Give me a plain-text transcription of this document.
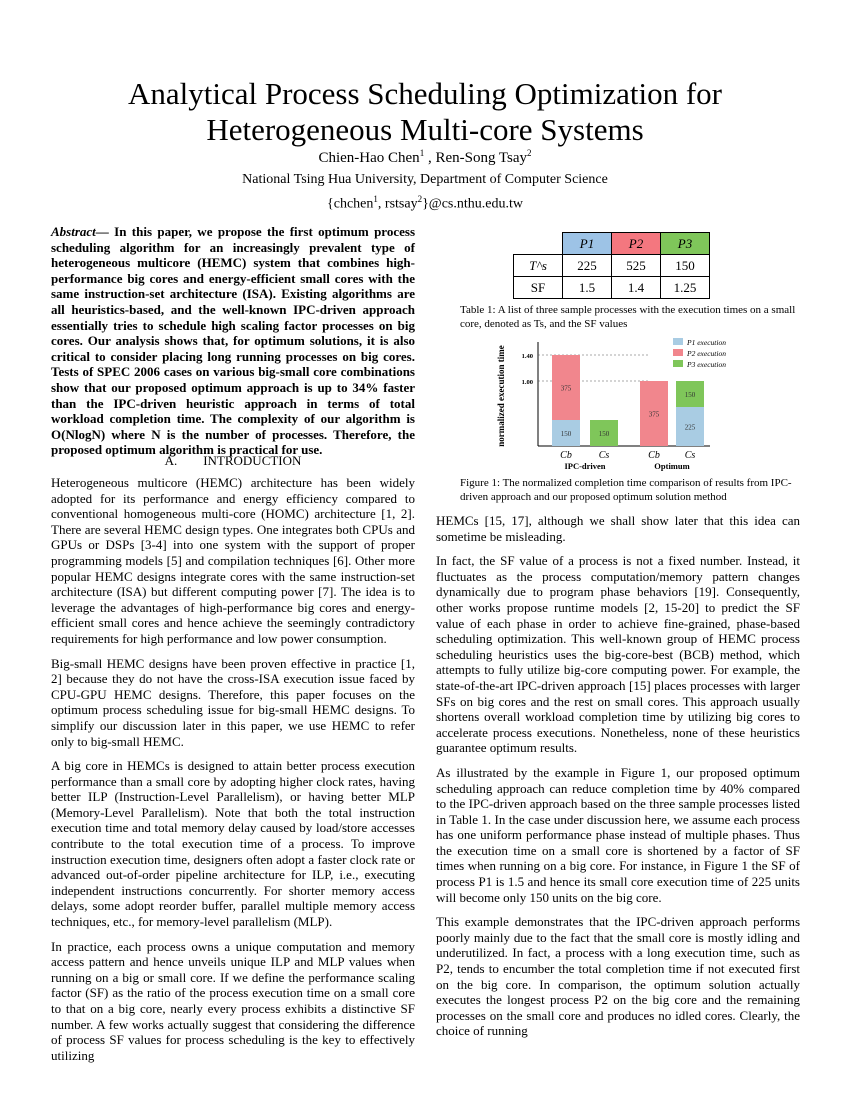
Analytical Process Scheduling Optimization for
Heterogeneous Multi-core Systems
Chien-Hao Chen$^1$ , Ren-Song Tsay$^2$
National Tsing Hua University, Department of Computer Science
{chchen$^1$, rstsay$^2$}@cs.nthu.edu.tw
Abstract— In this paper, we propose the first optimum process scheduling algorithm for an increasingly prevalent type of heterogeneous multicore (HEMC) system that combines high-performance big cores and energy-efficient small cores with the same instruction-set architecture (ISA). Existing algorithms are all heuristics-based, and the well-known IPC-driven approach essentially tries to schedule high scaling factor processes on big cores. Our analysis shows that, for optimum solutions, it is also critical to consider placing long running processes on big cores. Tests of SPEC 2006 cases on various big-small core combinations show that our proposed optimum approach is up to 34% faster than the IPC-driven heuristic approach in terms of total workload completion time. The complexity of our algorithm is O(NlogN) where N is the number of processes. Therefore, the proposed optimum algorithm is practical for use.
A.        INTRODUCTION

Heterogeneous multicore (HEMC) architecture has been widely adopted for its performance and energy efficiency compared to conventional homogeneous multi-core (HOMC) architecture [1, 2]. There are several HEMC design types. One integrates both CPUs and GPUs or DSPs [3-4] into one system with the support of proper programming models [5] and compilation techniques [6]. Other more popular HEMC designs integrate cores with the same instruction-set architecture (ISA) but different computing power [7]. The idea is to leverage the advantages of high-performance big cores and energy-efficient small cores and hence achieve the seemingly contradictory requirements for high performance and low power consumption.

Big-small HEMC designs have been proven effective in practice [1, 2] because they do not have the cross-ISA execution issue faced by CPU-GPU HEMC designs. Therefore, this paper focuses on the optimum process scheduling issue for big-small HEMC designs. To simplify our discussion later in this paper, we use HEMC to refer only to big-small HEMC.

A big core in HEMCs is designed to attain better process execution performance than a small core by adopting higher clock rates, having better ILP (Instruction-Level Parallelism), or having better MLP (Memory-Level Parallelism). Note that both the total instruction execution time and total memory delay caused by load/store accesses contribute to the total execution time of a process. To improve instruction execution time, designers often adopt a faster clock rate or advanced out-of-order pipeline architecture for ILP, i.e., executing independent instructions concurrently. For shorter memory access delays, some adopt reorder buffer, parallel multiple memory access techniques, etc., for memory-level parallelism (MLP).

In practice, each process owns a unique computation and memory access pattern and hence unveils unique ILP and MLP values when running on a big or small core. If we define the performance scaling factor (SF) as the ratio of the process execution time on a small core to that on a big core, nearly every process exhibits a distinctive SF number. A few works actually suggest that considering the difference of process SF values for process scheduling is the key to effectively utilizing

	P1	P2	P3
T^s	225	525	150
SF	1.5	1.4	1.25
Table 1: A list of three sample processes with the execution times on a small core, denoted as Ts, and the SF values
normalized execution time 1.00
1.40
150
375
150
375
225
150
Cb	Cs	Cb Cs
IPC-driven	Optimum
P1 execution
P2 execution
P3 execution
Figure 1: The normalized completion time comparison of results from IPC-driven approach and our proposed optimum solution method

HEMCs [15, 17], although we shall show later that this idea can sometime be misleading.

In fact, the SF value of a process is not a fixed number. Instead, it fluctuates as the process computation/memory pattern changes dynamically due to program phase behaviors [19]. Consequently, other works propose runtime models [2, 15-20] to predict the SF value of each phase in order to achieve fine-grained, phase-based scheduling optimization. This well-known group of HEMC process scheduling heuristics uses the big-core-best (BCB) method, which attempts to fully utilize big-core computing power. For example, the state-of-the-art IPC-driven approach [15] places processes with larger SFs on big cores and the rest on small cores. This approach usually shortens overall workload completion time by utilizing big cores to accelerate process executions. Nonetheless, none of these heuristics guarantee optimum results.

As illustrated by the example in Figure 1, our proposed optimum scheduling approach can reduce completion time by 40% compared to the IPC-driven approach based on the three sample processes listed in Table 1. In the case under discussion here, we assume each process has one uniform performance phase instead of multiple phases. Thus the execution time on a small core is shortened by a factor of SF times when running on a big core. For instance, in Figure 1 the SF of process P1 is 1.5 and hence its small core execution time of 225 units will become only 150 units on the big core.

This example demonstrates that the IPC-driven approach performs poorly mainly due to the fact that the small core is mostly idling and underutilized. In fact, a process with a long execution time, such as P2, tends to encumber the total completion time if not executed first on the big core. In comparison, the optimum solution actually executes the longest process P2 on the big core and the remaining processes on the small core and produces no idled cores. Clearly, the choice of running
